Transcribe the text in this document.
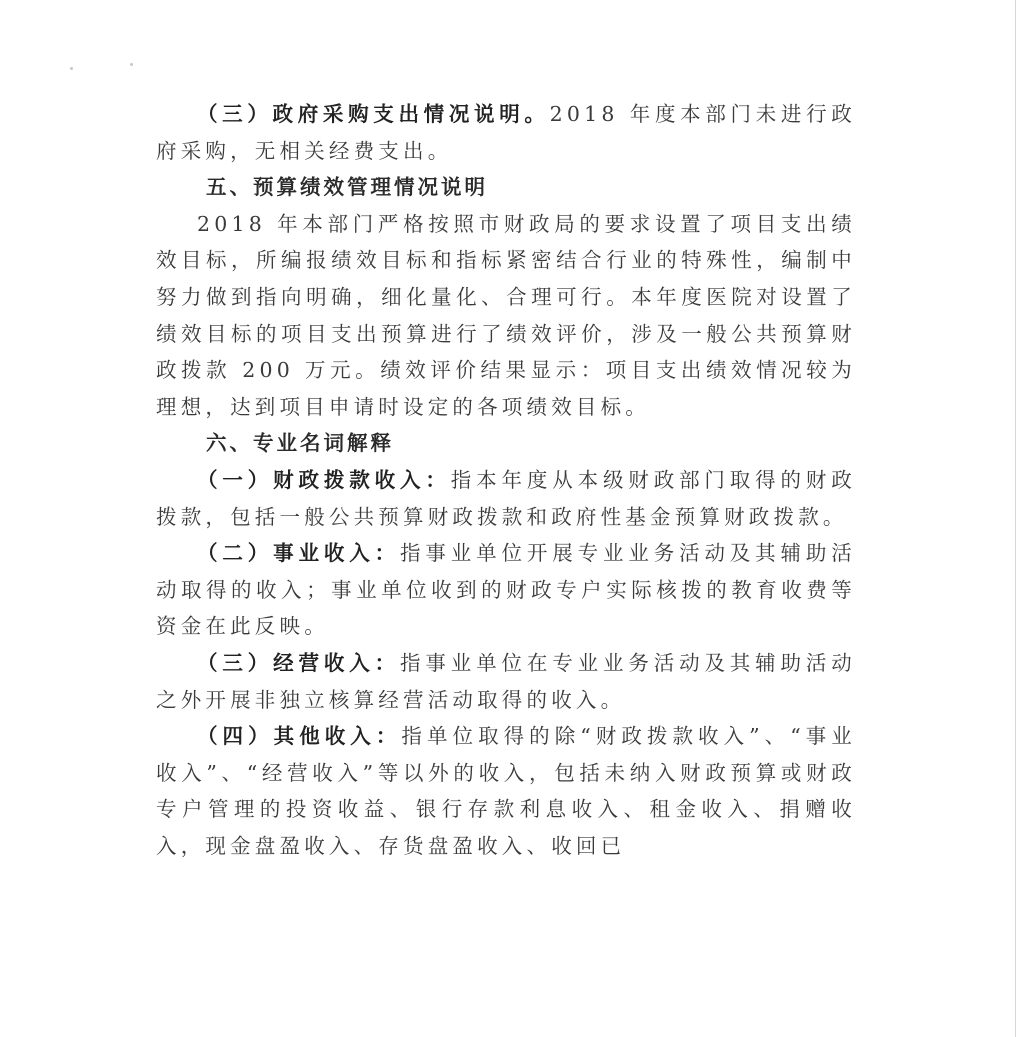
（三）政府采购支出情况说明。2018 年度本部门未进行政府采购，无相关经费支出。

五、预算绩效管理情况说明

2018 年本部门严格按照市财政局的要求设置了项目支出绩效目标，所编报绩效目标和指标紧密结合行业的特殊性，编制中努力做到指向明确，细化量化、合理可行。本年度医院对设置了绩效目标的项目支出预算进行了绩效评价，涉及一般公共预算财政拨款 200 万元。绩效评价结果显示：项目支出绩效情况较为理想，达到项目申请时设定的各项绩效目标。

六、专业名词解释

（一）财政拨款收入：指本年度从本级财政部门取得的财政拨款，包括一般公共预算财政拨款和政府性基金预算财政拨款。

（二）事业收入：指事业单位开展专业业务活动及其辅助活动取得的收入；事业单位收到的财政专户实际核拨的教育收费等资金在此反映。

（三）经营收入：指事业单位在专业业务活动及其辅助活动之外开展非独立核算经营活动取得的收入。

（四）其他收入：指单位取得的除“财政拨款收入”、“事业收入”、“经营收入”等以外的收入，包括未纳入财政预算或财政专户管理的投资收益、银行存款利息收入、租金收入、捐赠收入，现金盘盈收入、存货盘盈收入、收回已
